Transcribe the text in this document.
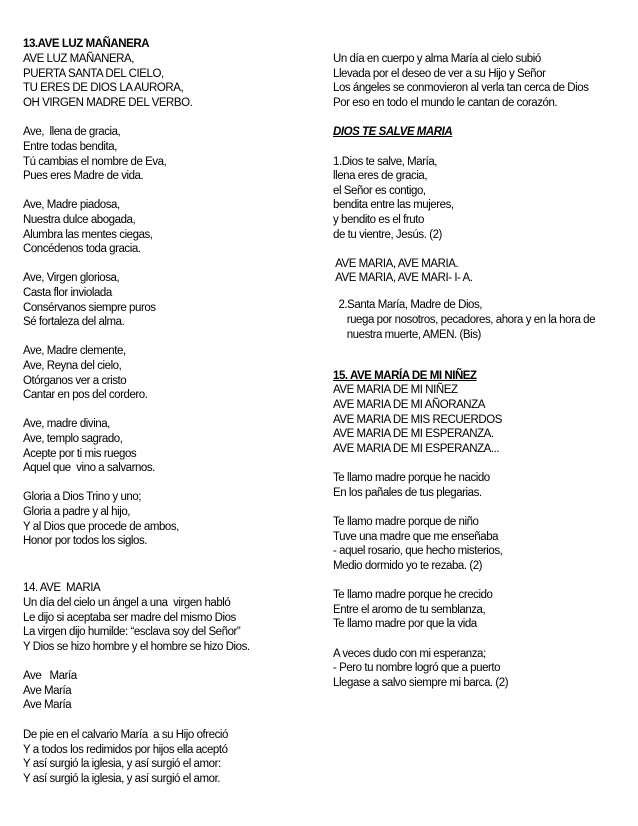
13.AVE LUZ MAÑANERA
AVE LUZ MAÑANERA,
PUERTA SANTA DEL CIELO,
TU ERES DE DIOS LA AURORA,
OH VIRGEN MADRE DEL VERBO.
Ave,  llena de gracia,
Entre todas bendita,
Tú cambias el nombre de Eva,
Pues eres Madre de vida.
Ave, Madre piadosa,
Nuestra dulce abogada,
Alumbra las mentes ciegas,
Concédenos toda gracia.
Ave, Virgen gloriosa,
Casta flor inviolada
Consérvanos siempre puros
Sé fortaleza del alma.
Ave, Madre clemente,
Ave, Reyna del cielo,
Otórganos ver a cristo
Cantar en pos del cordero.
Ave, madre divina,
Ave, templo sagrado,
Acepte por ti mis ruegos
Aquel que  vino a salvarnos.
Gloria a Dios Trino y uno;
Gloria a padre y al hijo,
Y al Dios que procede de ambos,
Honor por todos los siglos.
14. AVE  MARIA
Un día del cielo un ángel a una  virgen habló
Le dijo si aceptaba ser madre del mismo Dios
La virgen dijo humilde: “esclava soy del Señor”
Y Dios se hizo hombre y el hombre se hizo Dios.
Ave   María
Ave María
Ave María
De pie en el calvario María  a su Hijo ofreció
Y a todos los redimidos por hijos ella aceptó
Y así surgió la iglesia, y así surgió el amor:
Y así surgió la iglesia, y así surgió el amor.
Un día en cuerpo y alma María al cielo subió
Llevada por el deseo de ver a su Hijo y Señor
Los ángeles se conmovieron al verla tan cerca de Dios
Por eso en todo el mundo le cantan de corazón.
DIOS TE SALVE MARIA
1.Dios te salve, María,
llena eres de gracia,
el Señor es contigo,
bendita entre las mujeres,
y bendito es el fruto
de tu vientre, Jesús. (2)
AVE MARIA, AVE MARIA.
AVE MARIA, AVE MARI- I- A.
2.Santa María, Madre de Dios,
ruega por nosotros, pecadores, ahora y en la hora de
nuestra muerte, AMEN. (Bis)
15. AVE MARÍA DE MI NIÑEZ
AVE MARIA DE MI NIÑEZ
AVE MARIA DE MI AÑORANZA
AVE MARIA DE MIS RECUERDOS
AVE MARIA DE MI ESPERANZA.
AVE MARIA DE MI ESPERANZA...
Te llamo madre porque he nacido
En los pañales de tus plegarias.
Te llamo madre porque de niño
Tuve una madre que me enseñaba
- aquel rosario, que hecho misterios,
Medio dormido yo te rezaba. (2)
Te llamo madre porque he crecido
Entre el aromo de tu semblanza,
Te llamo madre por que la vida
A veces dudo con mi esperanza;
- Pero tu nombre logró que a puerto
Llegase a salvo siempre mi barca. (2)
